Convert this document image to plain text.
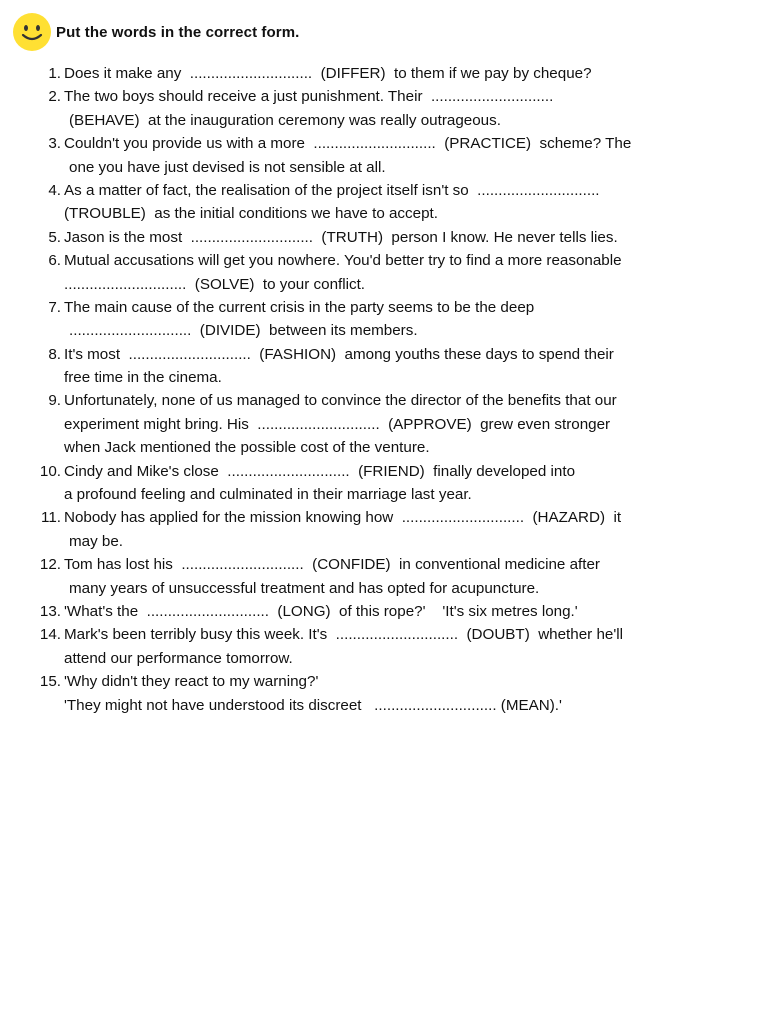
Put the words in the correct form.
1. Does it make any  .............................  (DIFFER)  to them if we pay by cheque?
2. The two boys should receive a just punishment. Their  .............................
(BEHAVE)  at the inauguration ceremony was really outrageous.
3. Couldn't you provide us with a more  .............................  (PRACTICE)  scheme? The
one you have just devised is not sensible at all.
4. As a matter of fact, the realisation of the project itself isn't so  .............................
(TROUBLE)  as the initial conditions we have to accept.
5. Jason is the most  .............................  (TRUTH)  person I know. He never tells lies.
6. Mutual accusations will get you nowhere. You'd better try to find a more reasonable
.............................  (SOLVE)  to your conflict.
7. The main cause of the current crisis in the party seems to be the deep
.............................  (DIVIDE)  between its members.
8. It's most  .............................  (FASHION)  among youths these days to spend their
free time in the cinema.
9. Unfortunately, none of us managed to convince the director of the benefits that our
experiment might bring. His  .............................  (APPROVE)  grew even stronger
when Jack mentioned the possible cost of the venture.
10. Cindy and Mike's close  .............................  (FRIEND)  finally developed into
a profound feeling and culminated in their marriage last year.
11. Nobody has applied for the mission knowing how  .............................  (HAZARD)  it
may be.
12. Tom has lost his  .............................  (CONFIDE)  in conventional medicine after
many years of unsuccessful treatment and has opted for acupuncture.
13. 'What's the  .............................  (LONG)  of this rope?'    'It's six metres long.'
14. Mark's been terribly busy this week. It's  .............................  (DOUBT)  whether he'll
attend our performance tomorrow.
15. 'Why didn't they react to my warning?'
'They might not have understood its discreet   ............................. (MEAN).'
